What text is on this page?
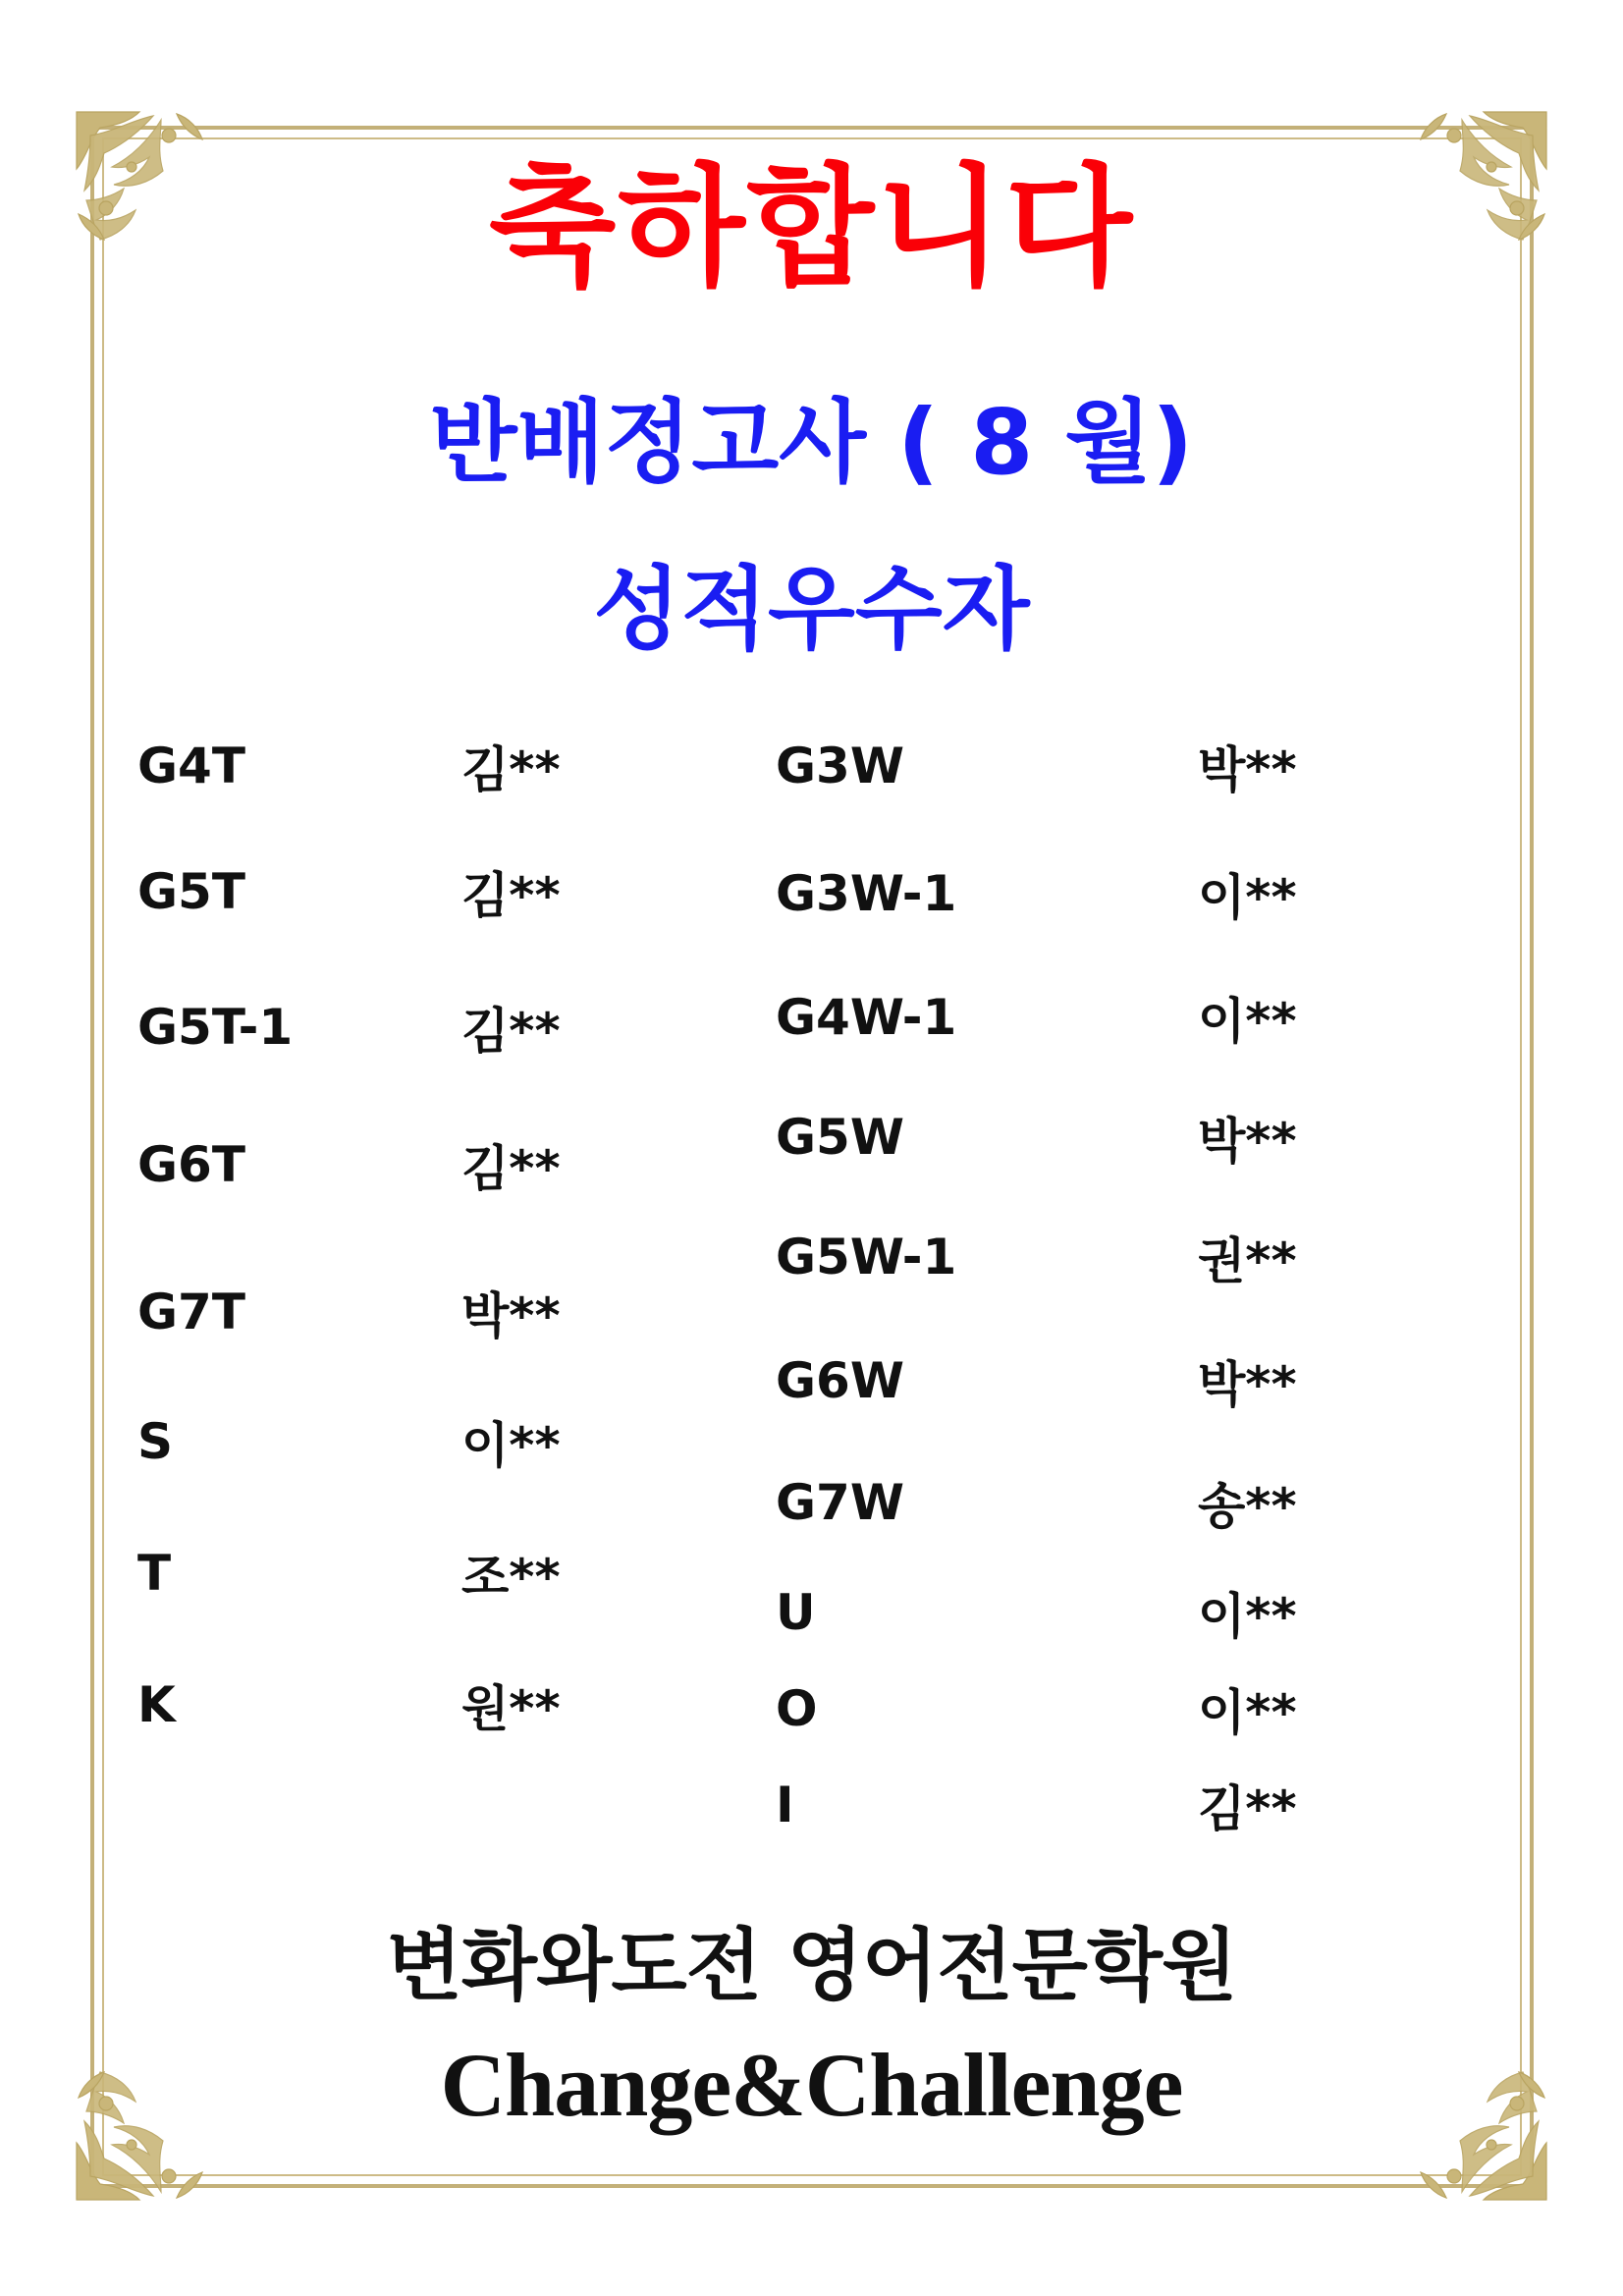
축하합니다
반배정고사 ( 8 월)
성적우수자
G4T	김**
G5T	김**
G5T-1	김**
G6T	김**
G7T	박**
S	이**
T	조**
K	원**
G3W	박**
G3W-1	이**
G4W-1	이**
G5W	박**
G5W-1	권**
G6W	박**
G7W	송**
U	이**
O	이**
I	김**
변화와도전 영어전문학원
Change&Challenge
